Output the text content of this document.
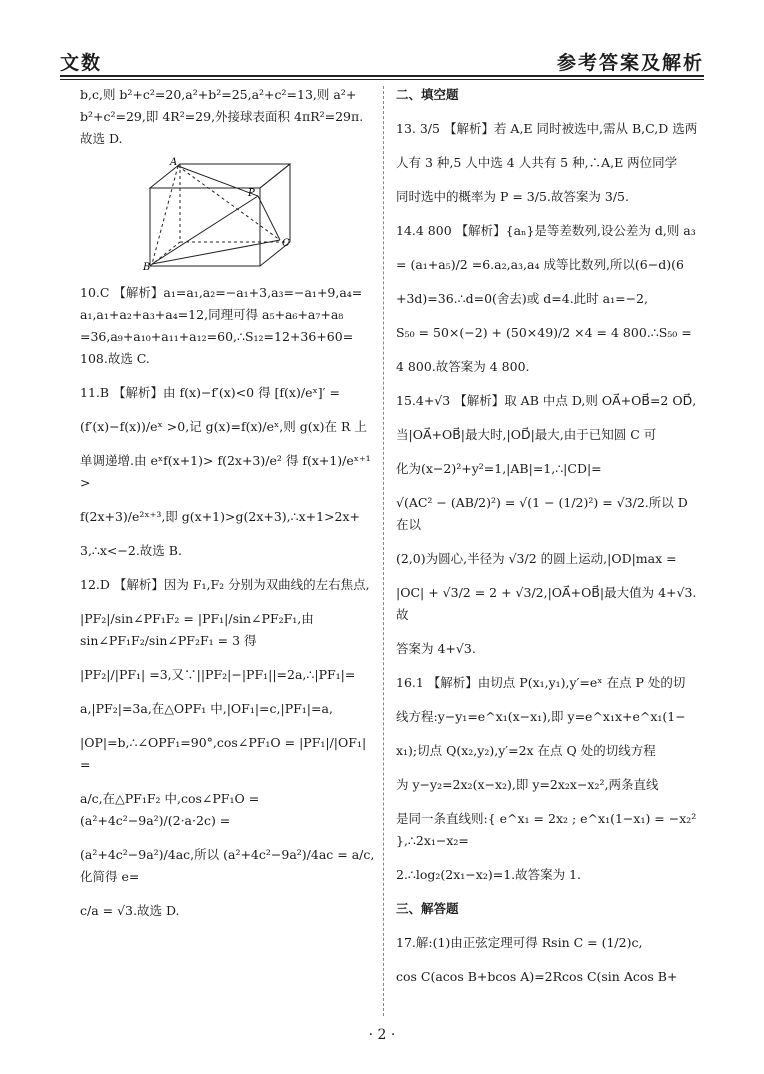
文数	参考答案及解析
b,c,则 b²+c²=20,a²+b²=25,a²+c²=13,则 a²+
b²+c²=29,即 4R²=29,外接球表面积 4πR²=29π.
故选 D.
A
B
C
P
10.C 【解析】a₁=a₁,a₂=−a₁+3,a₃=−a₁+9,a₄=
a₁,a₁+a₂+a₃+a₄=12,同理可得 a₅+a₆+a₇+a₈
=36,a₉+a₁₀+a₁₁+a₁₂=60,∴S₁₂=12+36+60=
108.故选 C.
11.B 【解析】由 f(x)−f′(x)<0 得 [f(x)/eˣ]′ =
(f′(x)−f(x))/eˣ >0,记 g(x)=f(x)/eˣ,则 g(x)在 R 上
单调递增.由 eˣf(x+1)> f(2x+3)/e² 得 f(x+1)/eˣ⁺¹ >
f(2x+3)/e²ˣ⁺³,即 g(x+1)>g(2x+3),∴x+1>2x+
3,∴x<−2.故选 B.
12.D 【解析】因为 F₁,F₂ 分别为双曲线的左右焦点,
|PF₂|/sin∠PF₁F₂ = |PF₁|/sin∠PF₂F₁,由 sin∠PF₁F₂/sin∠PF₂F₁ = 3 得
|PF₂|/|PF₁| =3,又∵||PF₂|−|PF₁||=2a,∴|PF₁|=
a,|PF₂|=3a,在△OPF₁ 中,|OF₁|=c,|PF₁|=a,
|OP|=b,∴∠OPF₁=90°,cos∠PF₁O = |PF₁|/|OF₁| =
a/c,在△PF₁F₂ 中,cos∠PF₁O = (a²+4c²−9a²)/(2·a·2c) =
(a²+4c²−9a²)/4ac,所以 (a²+4c²−9a²)/4ac = a/c,化简得 e=
c/a = √3.故选 D.
二、填空题
13. 3/5 【解析】若 A,E 同时被选中,需从 B,C,D 选两
人有 3 种,5 人中选 4 人共有 5 种,∴A,E 两位同学
同时选中的概率为 P = 3/5.故答案为 3/5.
14.4 800 【解析】{aₙ}是等差数列,设公差为 d,则 a₃
= (a₁+a₅)/2 =6.a₂,a₃,a₄ 成等比数列,所以(6−d)(6
+3d)=36.∴d=0(舍去)或 d=4.此时 a₁=−2,
S₅₀ = 50×(−2) + (50×49)/2 ×4 = 4 800.∴S₅₀ =
4 800.故答案为 4 800.
15.4+√3 【解析】取 AB 中点 D,则 OA⃗+OB⃗=2 OD⃗,
当|OA⃗+OB⃗|最大时,|OD⃗|最大,由于已知圆 C 可
化为(x−2)²+y²=1,|AB|=1,∴|CD|=
√(AC² − (AB/2)²) = √(1 − (1/2)²) = √3/2.所以 D 在以
(2,0)为圆心,半径为 √3/2 的圆上运动,|OD|max =
|OC| + √3/2 = 2 + √3/2,|OA⃗+OB⃗|最大值为 4+√3.故
答案为 4+√3.
16.1 【解析】由切点 P(x₁,y₁),y′=eˣ 在点 P 处的切
线方程:y−y₁=e^x₁(x−x₁),即 y=e^x₁x+e^x₁(1−
x₁);切点 Q(x₂,y₂),y′=2x 在点 Q 处的切线方程
为 y−y₂=2x₂(x−x₂),即 y=2x₂x−x₂²,两条直线
是同一条直线则:{ e^x₁ = 2x₂ ; e^x₁(1−x₁) = −x₂² },∴2x₁−x₂=
2.∴log₂(2x₁−x₂)=1.故答案为 1.
三、解答题
17.解:(1)由正弦定理可得 Rsin C = (1/2)c,
cos C(acos B+bcos A)=2Rcos C(sin Acos B+
· 2 ·
